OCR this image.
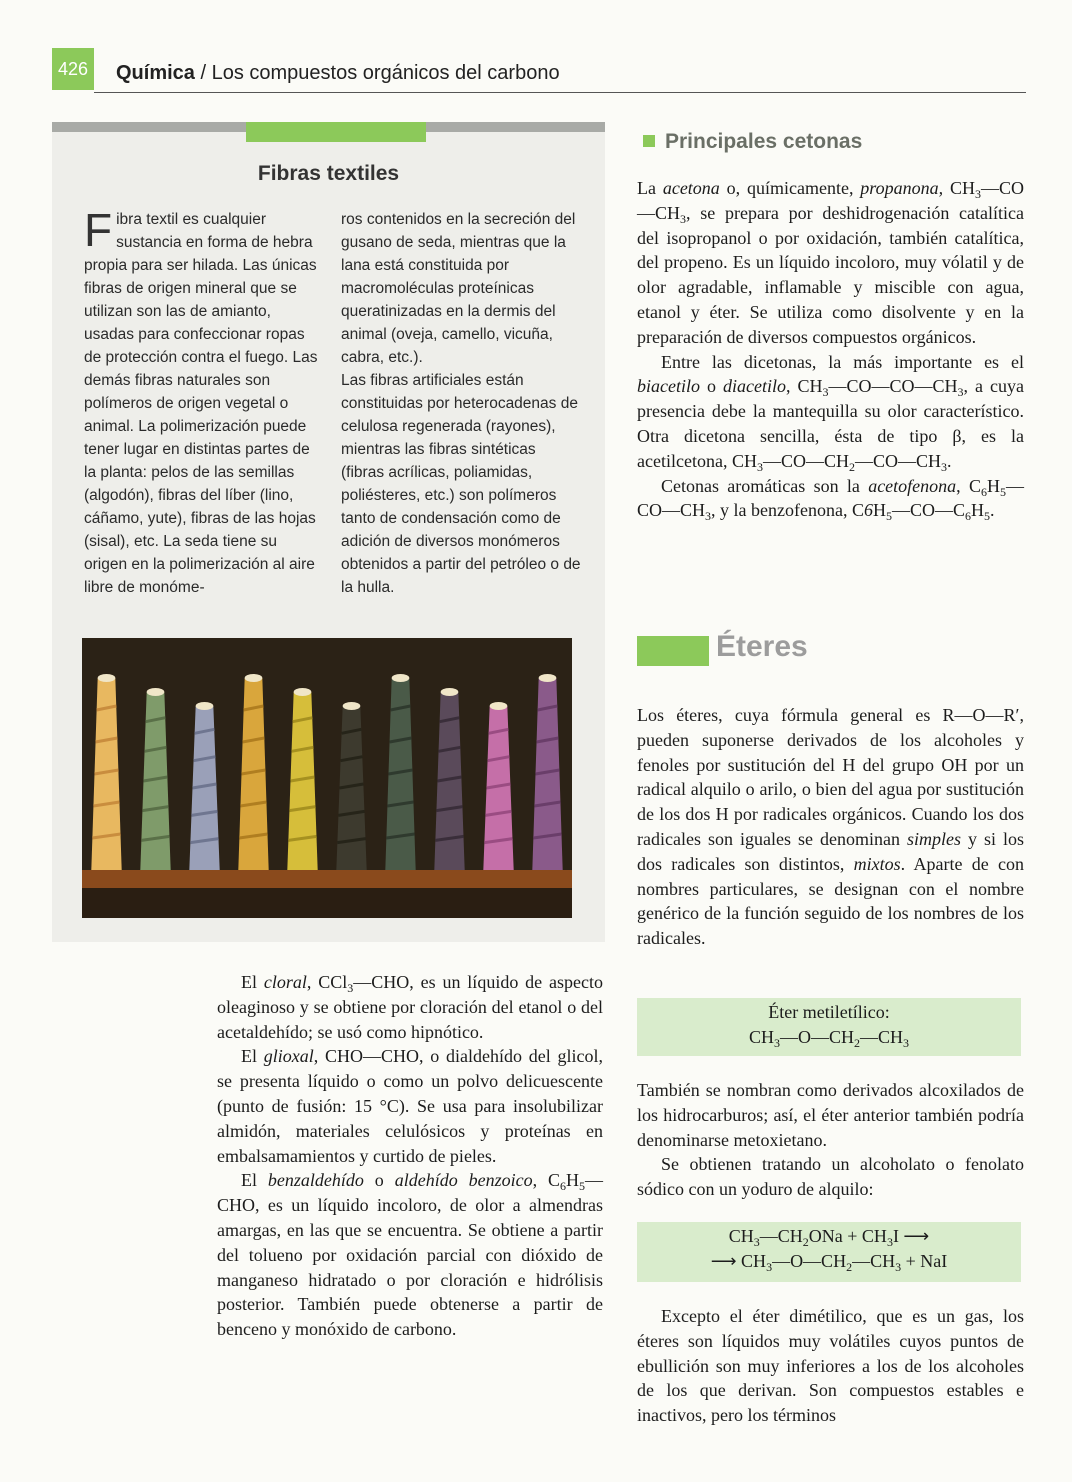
426 Química / Los compuestos orgánicos del carbono
Fibras textiles

Fibra textil es cualquier sustancia en forma de hebra propia para ser hilada. Las únicas fibras de origen mineral que se utilizan son las de amianto, usadas para confeccionar ropas de protección contra el fuego. Las demás fibras naturales son polímeros de origen vegetal o animal. La polimerización puede tener lugar en distintas partes de la planta: pelos de las semillas (algodón), fibras del líber (lino, cáñamo, yute), fibras de las hojas (sisal), etc. La seda tiene su origen en la polimerización al aire libre de monóme-

ros contenidos en la secreción del gusano de seda, mientras que la lana está constituida por macromoléculas proteínicas queratinizadas en la dermis del animal (oveja, camello, vicuña, cabra, etc.).

Las fibras artificiales están constituidas por heterocadenas de celulosa regenerada (rayones), mientras las fibras sintéticas (fibras acrílicas, poliamidas, poliésteres, etc.) son polímeros tanto de condensación como de adición de diversos monómeros obtenidos a partir del petróleo o de la hulla.

El cloral, CCl$_3$—CHO, es un líquido de aspecto oleaginoso y se obtiene por cloración del etanol o del acetaldehído; se usó como hipnótico.

El glioxal, CHO—CHO, o dialdehído del glicol, se presenta líquido o como un polvo delicuescente (punto de fusión: 15 °C). Se usa para insolubilizar almidón, materiales celulósicos y proteínas en embalsamamientos y curtido de pieles.

El benzaldehído o aldehído benzoico, $C_6H_5—CHO$, es un líquido incoloro, de olor a almendras amargas, en las que se encuentra. Se obtiene a partir del tolueno por oxidación parcial con dióxido de manganeso hidratado o por cloración e hidrólisis posterior. También puede obtenerse a partir de benceno y monóxido de carbono.

Principales cetonas

La acetona o, químicamente, propanona, $CH_3—CO—CH_3$, se prepara por deshidrogenación catalítica del isopropanol o por oxidación, también catalítica, del propeno. Es un líquido incoloro, muy vólatil y de olor agradable, inflamable y miscible con agua, etanol y éter. Se utiliza como disolvente y en la preparación de diversos compuestos orgánicos.

Entre las dicetonas, la más importante es el biacetilo o diacetilo, $CH_3—CO—CO—CH_3$, a cuya presencia debe la mantequilla su olor característico. Otra dicetona sencilla, ésta de tipo β, es la acetilcetona, $CH_3—CO—CH_2—CO—CH_3$.

Cetonas aromáticas son la acetofenona, $C_6H_5—CO—CH_3$, y la benzofenona, $C6H_5—CO—C_6H_5$.

Éteres

Los éteres, cuya fórmula general es R—O—R′, pueden suponerse derivados de los alcoholes y fenoles por sustitución del H del grupo OH por un radical alquilo o arilo, o bien del agua por sustitución de los dos H por radicales orgánicos. Cuando los dos radicales son iguales se denominan simples y si los dos radicales son distintos, mixtos. Aparte de con nombres particulares, se designan con el nombre genérico de la función seguido de los nombres de los radicales.

Éter metiletílico:
$CH_3—O—CH_2—CH_3$

También se nombran como derivados alcoxilados de los hidrocarburos; así, el éter anterior también podría denominarse metoxietano.

Se obtienen tratando un alcoholato o fenolato sódico con un yoduro de alquilo:

$CH_3—CH_2ONa + CH_3I$ ⟶
⟶ $CH_3—O—CH_2—CH_3$ + NaI

Excepto el éter dimétilico, que es un gas, los éteres son líquidos muy volátiles cuyos puntos de ebullición son muy inferiores a los de los alcoholes de los que derivan. Son compuestos estables e inactivos, pero los términos
